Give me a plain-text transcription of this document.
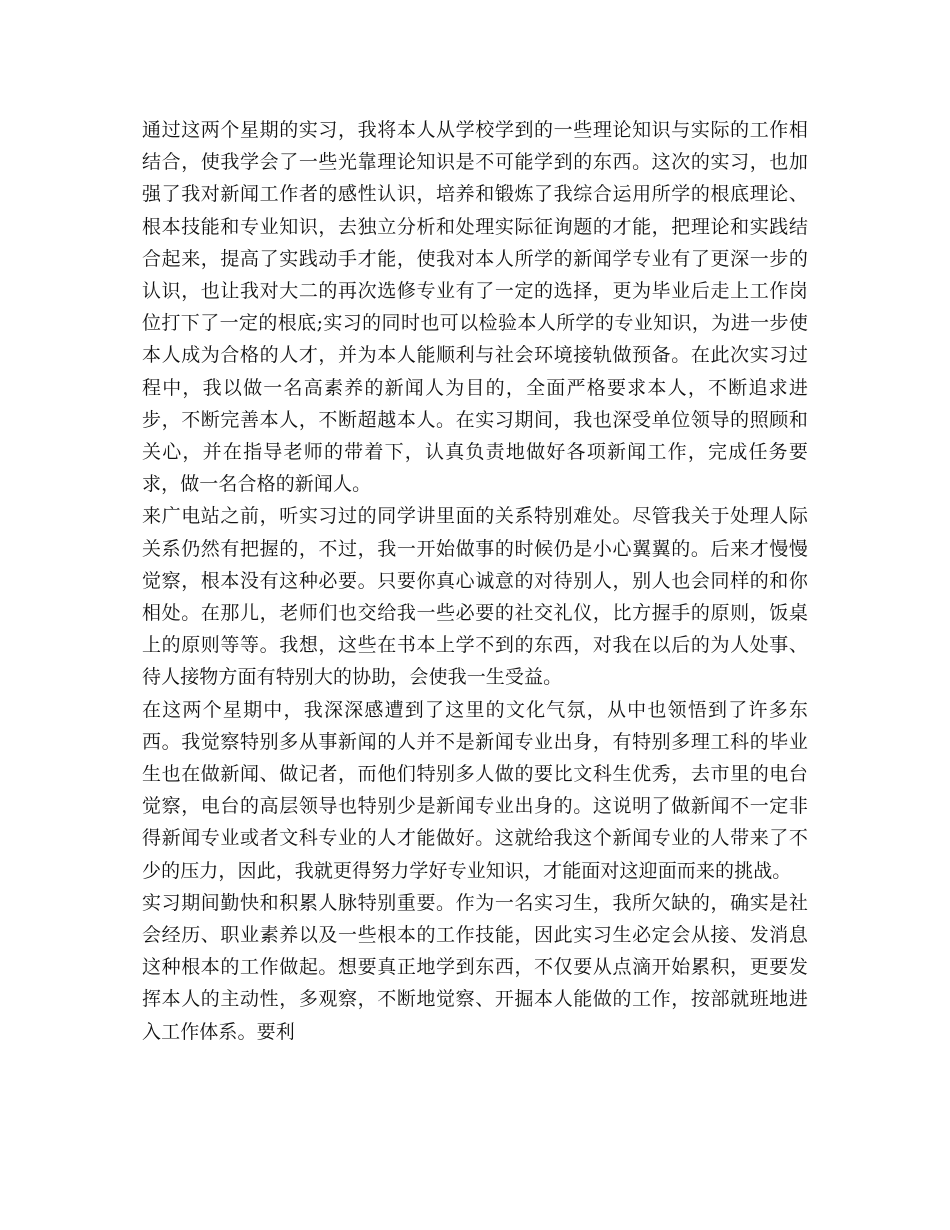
通过这两个星期的实习，我将本人从学校学到的一些理论知识与实际的工作相结合，使我学会了一些光靠理论知识是不可能学到的东西。这次的实习，也加强了我对新闻工作者的感性认识，培养和锻炼了我综合运用所学的根底理论、根本技能和专业知识，去独立分析和处理实际征询题的才能，把理论和实践结合起来，提高了实践动手才能，使我对本人所学的新闻学专业有了更深一步的认识，也让我对大二的再次选修专业有了一定的选择，更为毕业后走上工作岗位打下了一定的根底;实习的同时也可以检验本人所学的专业知识，为进一步使本人成为合格的人才，并为本人能顺利与社会环境接轨做预备。在此次实习过程中，我以做一名高素养的新闻人为目的，全面严格要求本人，不断追求进步，不断完善本人，不断超越本人。在实习期间，我也深受单位领导的照顾和关心，并在指导老师的带着下，认真负责地做好各项新闻工作，完成任务要求，做一名合格的新闻人。

来广电站之前，听实习过的同学讲里面的关系特别难处。尽管我关于处理人际关系仍然有把握的，不过，我一开始做事的时候仍是小心翼翼的。后来才慢慢觉察，根本没有这种必要。只要你真心诚意的对待别人，别人也会同样的和你相处。在那儿，老师们也交给我一些必要的社交礼仪，比方握手的原则，饭桌上的原则等等。我想，这些在书本上学不到的东西，对我在以后的为人处事、待人接物方面有特别大的协助，会使我一生受益。

在这两个星期中，我深深感遭到了这里的文化气氛，从中也领悟到了许多东西。我觉察特别多从事新闻的人并不是新闻专业出身，有特别多理工科的毕业生也在做新闻、做记者，而他们特别多人做的要比文科生优秀，去市里的电台觉察，电台的高层领导也特别少是新闻专业出身的。这说明了做新闻不一定非得新闻专业或者文科专业的人才能做好。这就给我这个新闻专业的人带来了不少的压力，因此，我就更得努力学好专业知识，才能面对这迎面而来的挑战。

实习期间勤快和积累人脉特别重要。作为一名实习生，我所欠缺的，确实是社会经历、职业素养以及一些根本的工作技能，因此实习生必定会从接、发消息这种根本的工作做起。想要真正地学到东西，不仅要从点滴开始累积，更要发挥本人的主动性，多观察，不断地觉察、开掘本人能做的工作，按部就班地进入工作体系。要利
